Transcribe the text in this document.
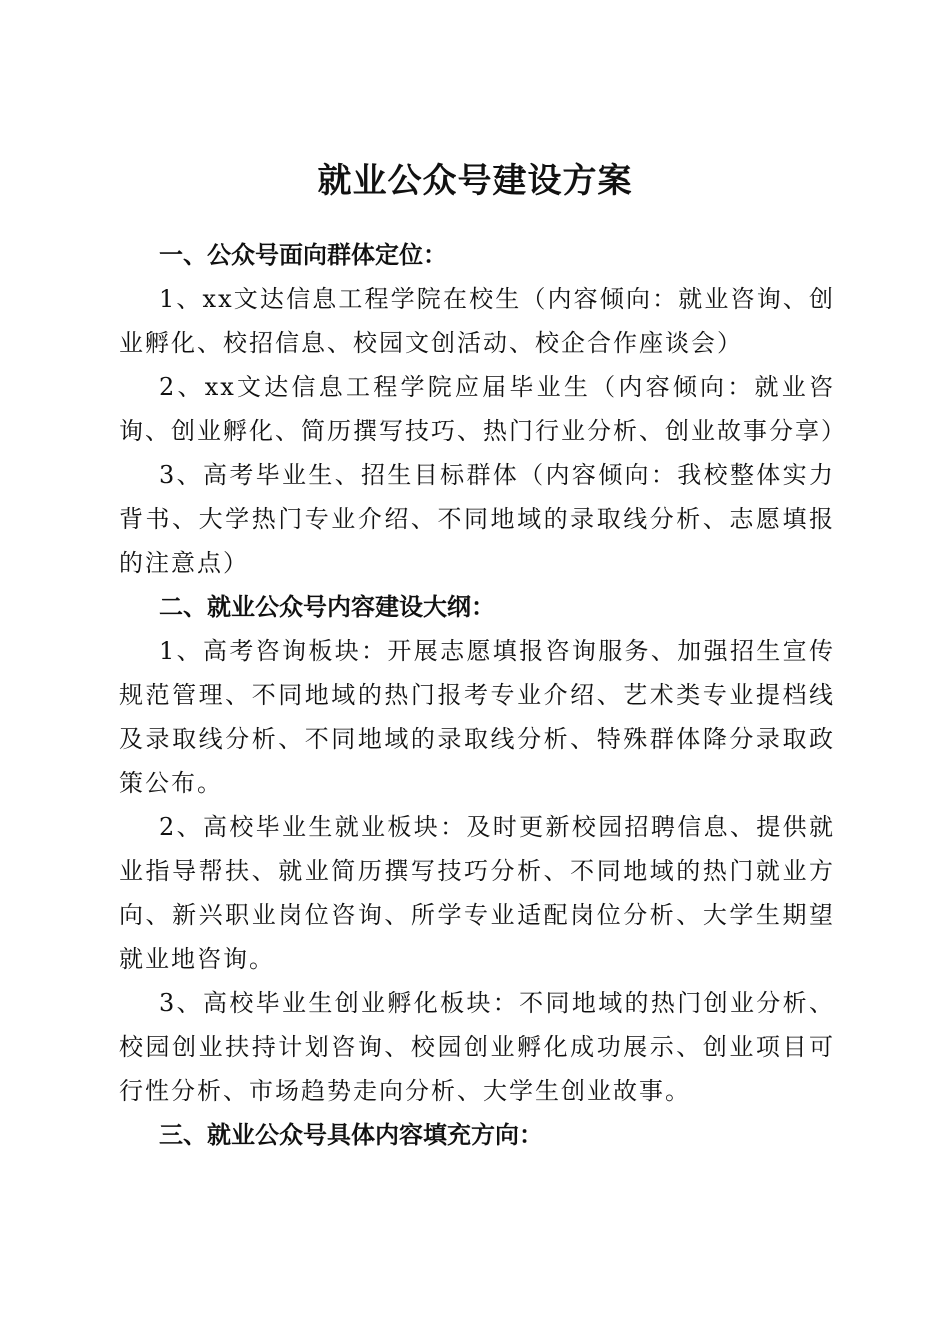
就业公众号建设方案

一、公众号面向群体定位：

1、xx文达信息工程学院在校生（内容倾向：就业咨询、创业孵化、校招信息、校园文创活动、校企合作座谈会）

2、xx文达信息工程学院应届毕业生（内容倾向：就业咨询、创业孵化、简历撰写技巧、热门行业分析、创业故事分享）

3、高考毕业生、招生目标群体（内容倾向：我校整体实力背书、大学热门专业介绍、不同地域的录取线分析、志愿填报的注意点）

二、就业公众号内容建设大纲：

1、高考咨询板块：开展志愿填报咨询服务、加强招生宣传规范管理、不同地域的热门报考专业介绍、艺术类专业提档线及录取线分析、不同地域的录取线分析、特殊群体降分录取政策公布。

2、高校毕业生就业板块：及时更新校园招聘信息、提供就业指导帮扶、就业简历撰写技巧分析、不同地域的热门就业方向、新兴职业岗位咨询、所学专业适配岗位分析、大学生期望就业地咨询。

3、高校毕业生创业孵化板块：不同地域的热门创业分析、校园创业扶持计划咨询、校园创业孵化成功展示、创业项目可行性分析、市场趋势走向分析、大学生创业故事。

三、就业公众号具体内容填充方向：
